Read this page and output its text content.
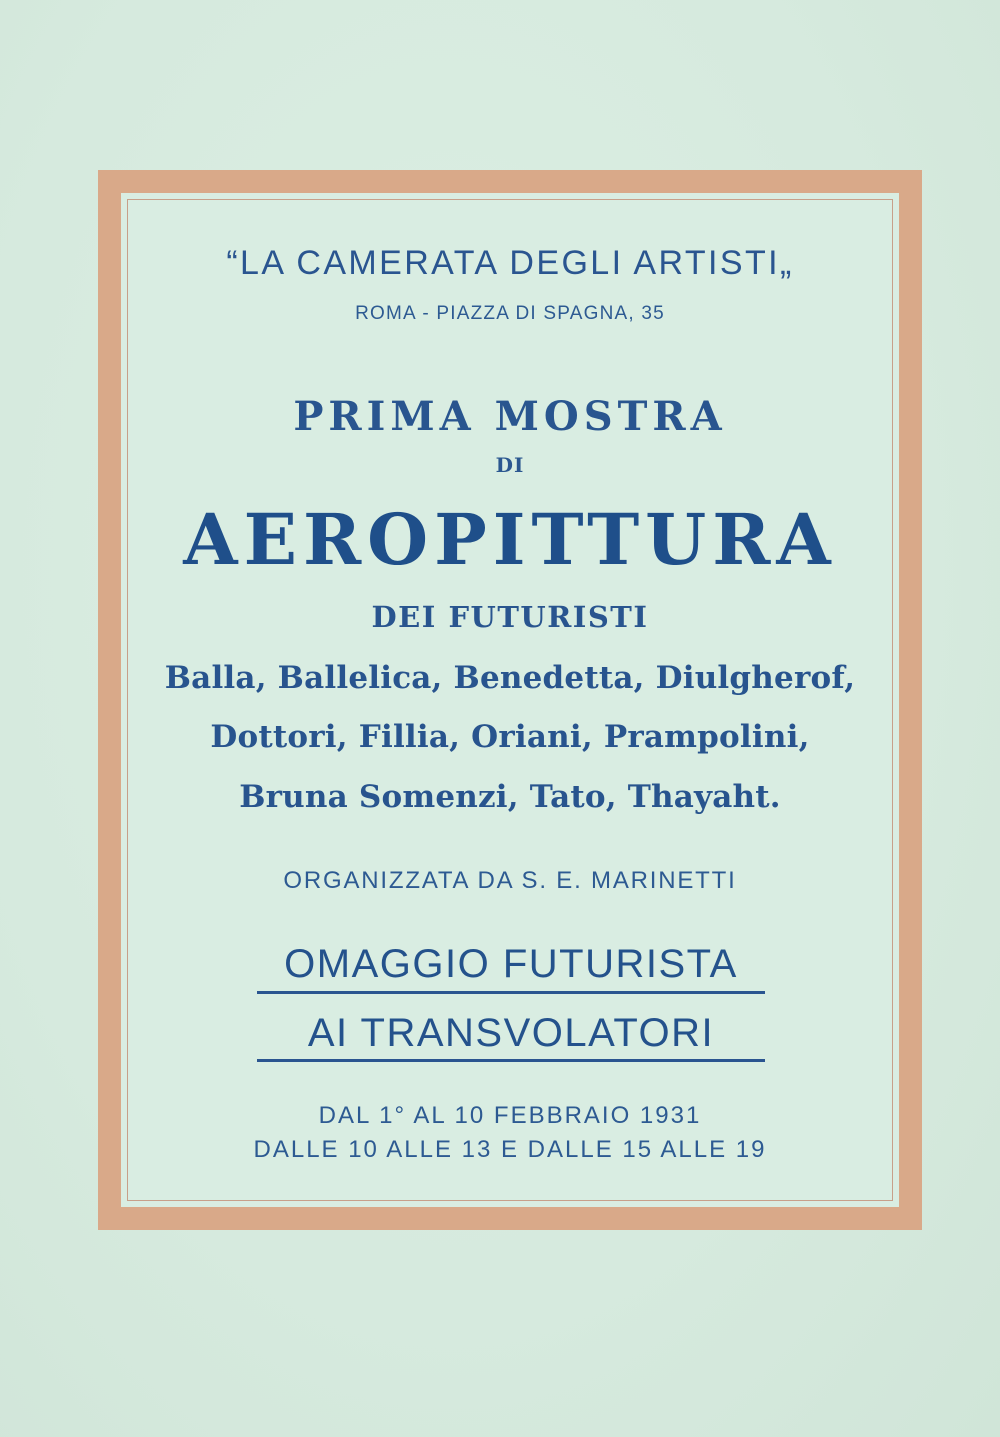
“LA CAMERATA DEGLI ARTISTI„
ROMA - PIAZZA DI SPAGNA, 35
PRIMA MOSTRA
DI
AEROPITTURA
DEI FUTURISTI
Balla, Ballelica, Benedetta, Diulgherof,
Dottori, Fillia, Oriani, Prampolini,
Bruna Somenzi, Tato, Thayaht.
ORGANIZZATA DA S. E. MARINETTI
OMAGGIO FUTURISTA
AI TRANSVOLATORI
DAL 1° AL 10 FEBBRAIO 1931
DALLE 10 ALLE 13 E DALLE 15 ALLE 19
